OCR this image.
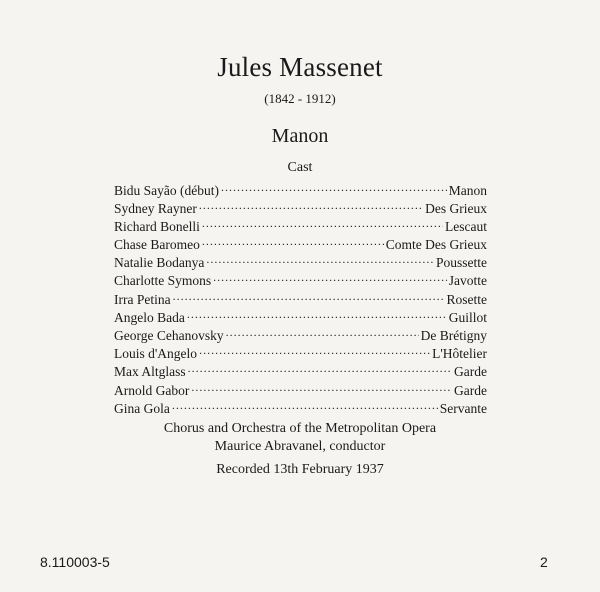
Jules Massenet
(1842 - 1912)
Manon
Cast
Bidu Sayão (début) .....	Manon
Sydney Rayner .....	Des Grieux
Richard Bonelli .....	Lescaut
Chase Baromeo .....	Comte Des Grieux
Natalie Bodanya .....	Poussette
Charlotte Symons .....	Javotte
Irra Petina .....	Rosette
Angelo Bada .....	Guillot
George Cehanovsky .....	De Brétigny
Louis d'Angelo .....	L'Hôtelier
Max Altglass .....	Garde
Arnold Gabor .....	Garde
Gina Gola .....	Servante
Chorus and Orchestra of the Metropolitan Opera
Maurice Abravanel, conductor
Recorded 13th February 1937
8.110003-5	2
